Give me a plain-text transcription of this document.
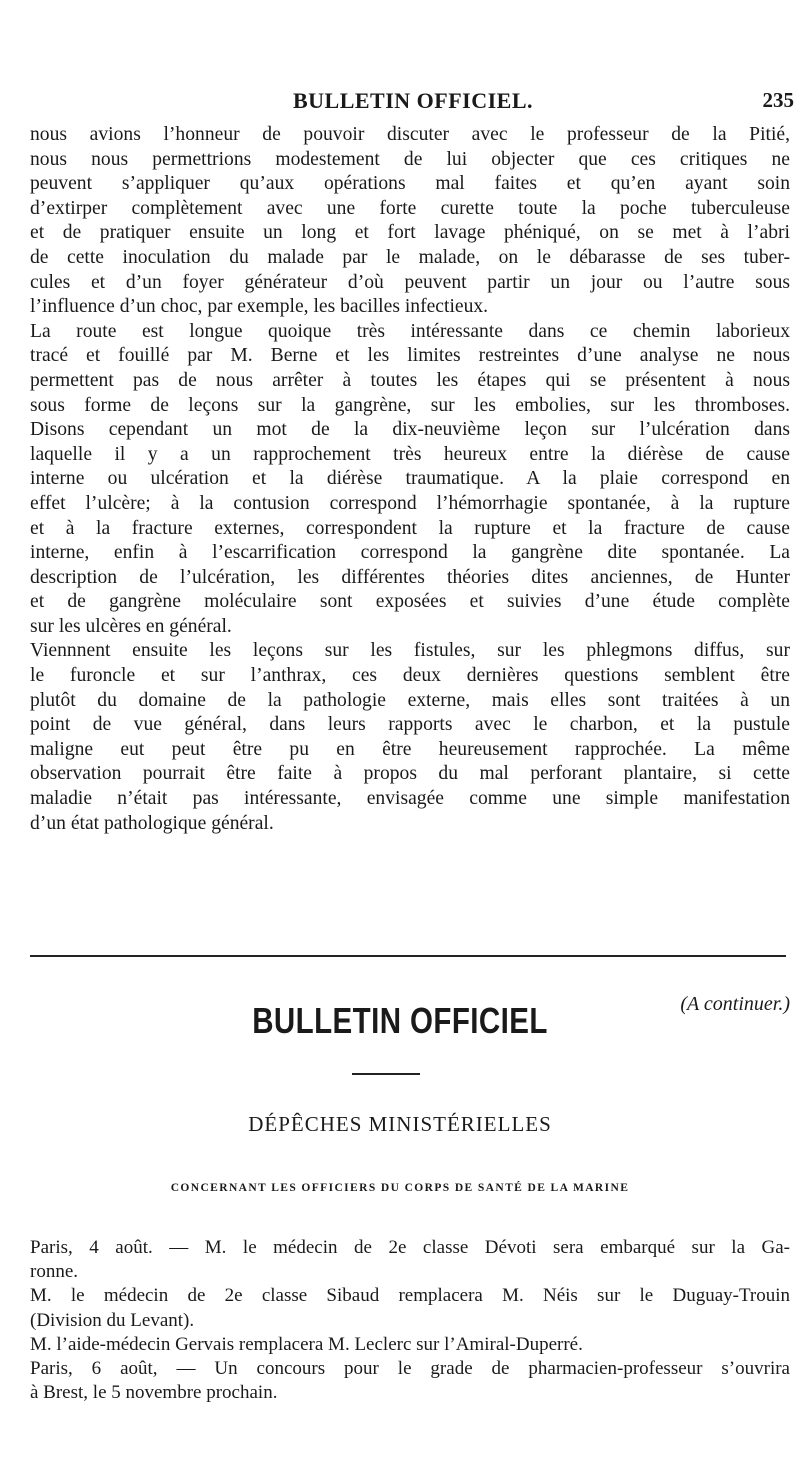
BULLETIN OFFICIEL.	235
nous avions l’honneur de pouvoir discuter avec le professeur de la Pitié,
nous nous permettrions modestement de lui objecter que ces critiques ne
peuvent s’appliquer qu’aux opérations mal faites et qu’en ayant soin
d’extirper complètement avec une forte curette toute la poche tuberculeuse
et de pratiquer ensuite un long et fort lavage phéniqué, on se met à l’abri
de cette inoculation du malade par le malade, on le débarasse de ses tuber-
cules et d’un foyer générateur d’où peuvent partir un jour ou l’autre sous
l’influence d’un choc, par exemple, les bacilles infectieux.
La route est longue quoique très intéressante dans ce chemin laborieux
tracé et fouillé par M. Berne et les limites restreintes d’une analyse ne nous
permettent pas de nous arrêter à toutes les étapes qui se présentent à nous
sous forme de leçons sur la gangrène, sur les embolies, sur les thromboses.
Disons cependant un mot de la dix-neuvième leçon sur l’ulcération dans
laquelle il y a un rapprochement très heureux entre la diérèse de cause
interne ou ulcération et la diérèse traumatique. A la plaie correspond en
effet l’ulcère; à la contusion correspond l’hémorrhagie spontanée, à la rupture
et à la fracture externes, correspondent la rupture et la fracture de cause
interne, enfin à l’escarrification correspond la gangrène dite spontanée. La
description de l’ulcération, les différentes théories dites anciennes, de Hunter
et de gangrène moléculaire sont exposées et suivies d’une étude complète
sur les ulcères en général.
Viennnent ensuite les leçons sur les fistules, sur les phlegmons diffus, sur
le furoncle et sur l’anthrax, ces deux dernières questions semblent être
plutôt du domaine de la pathologie externe, mais elles sont traitées à un
point de vue général, dans leurs rapports avec le charbon, et la pustule
maligne eut peut être pu en être heureusement rapprochée. La même
observation pourrait être faite à propos du mal perforant plantaire, si cette
maladie n’était pas intéressante, envisagée comme une simple manifestation
d’un état pathologique général.
(A continuer.)
BULLETIN OFFICIEL
DÉPÊCHES MINISTÉRIELLES
CONCERNANT LES OFFICIERS DU CORPS DE SANTÉ DE LA MARINE
Paris, 4 août. — M. le médecin de 2e classe Dévoti sera embarqué sur la Ga-
ronne.
M. le médecin de 2e classe Sibaud remplacera M. Néis sur le Duguay-Trouin
(Division du Levant).
M. l’aide-médecin Gervais remplacera M. Leclerc sur l’Amiral-Duperré.
Paris, 6 août, — Un concours pour le grade de pharmacien-professeur s’ouvrira
à Brest, le 5 novembre prochain.
